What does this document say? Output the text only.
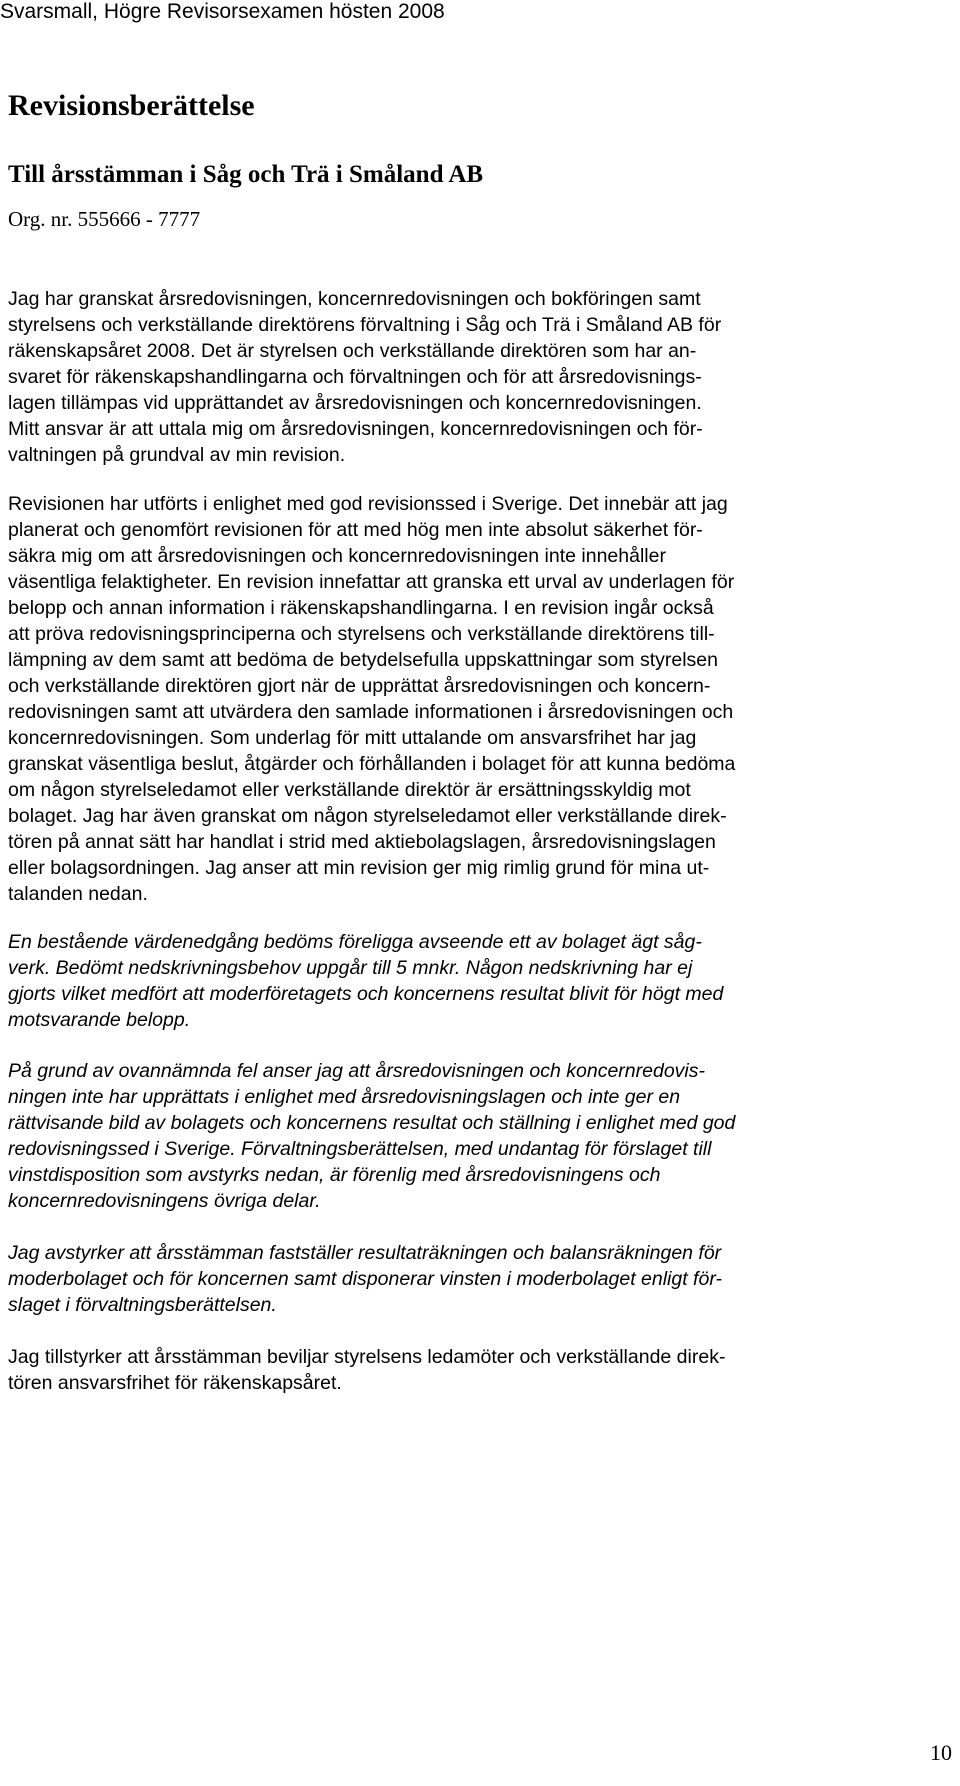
Svarsmall, Högre Revisorsexamen hösten 2008
Revisionsberättelse
Till årsstämman i Såg och Trä i Småland AB
Org. nr. 555666 - 7777

Jag har granskat årsredovisningen, koncernredovisningen och bokföringen samt
styrelsens och verkställande direktörens förvaltning i Såg och Trä i Småland AB för
räkenskapsåret 2008. Det är styrelsen och verkställande direktören som har an-
svaret för räkenskapshandlingarna och förvaltningen och för att årsredovisnings-
lagen tillämpas vid upprättandet av årsredovisningen och koncernredovisningen.
Mitt ansvar är att uttala mig om årsredovisningen, koncernredovisningen och för-
valtningen på grundval av min revision.

Revisionen har utförts i enlighet med god revisionssed i Sverige. Det innebär att jag
planerat och genomfört revisionen för att med hög men inte absolut säkerhet för-
säkra mig om att årsredovisningen och koncernredovisningen inte innehåller
väsentliga felaktigheter. En revision innefattar att granska ett urval av underlagen för
belopp och annan information i räkenskapshandlingarna. I en revision ingår också
att pröva redovisningsprinciperna och styrelsens och verkställande direktörens till-
lämpning av dem samt att bedöma de betydelsefulla uppskattningar som styrelsen
och verkställande direktören gjort när de upprättat årsredovisningen och koncern-
redovisningen samt att utvärdera den samlade informationen i årsredovisningen och
koncernredovisningen. Som underlag för mitt uttalande om ansvarsfrihet har jag
granskat väsentliga beslut, åtgärder och förhållanden i bolaget för att kunna bedöma
om någon styrelseledamot eller verkställande direktör är ersättningsskyldig mot
bolaget. Jag har även granskat om någon styrelseledamot eller verkställande direk-
tören på annat sätt har handlat i strid med aktiebolagslagen, årsredovisningslagen
eller bolagsordningen. Jag anser att min revision ger mig rimlig grund för mina ut-
talanden nedan.

En bestående värdenedgång bedöms föreligga avseende ett av bolaget ägt såg-
verk. Bedömt nedskrivningsbehov uppgår till 5 mnkr. Någon nedskrivning har ej
gjorts vilket medfört att moderföretagets och koncernens resultat blivit för högt med
motsvarande belopp.

På grund av ovannämnda fel anser jag att årsredovisningen och koncernredovis-
ningen inte har upprättats i enlighet med årsredovisningslagen och inte ger en
rättvisande bild av bolagets och koncernens resultat och ställning i enlighet med god
redovisningssed i Sverige. Förvaltningsberättelsen, med undantag för förslaget till
vinstdisposition som avstyrks nedan, är förenlig med årsredovisningens och
koncernredovisningens övriga delar.

Jag avstyrker att årsstämman fastställer resultaträkningen och balansräkningen för
moderbolaget och för koncernen samt disponerar vinsten i moderbolaget enligt för-
slaget i förvaltningsberättelsen.

Jag tillstyrker att årsstämman beviljar styrelsens ledamöter och verkställande direk-
tören ansvarsfrihet för räkenskapsåret.

10
